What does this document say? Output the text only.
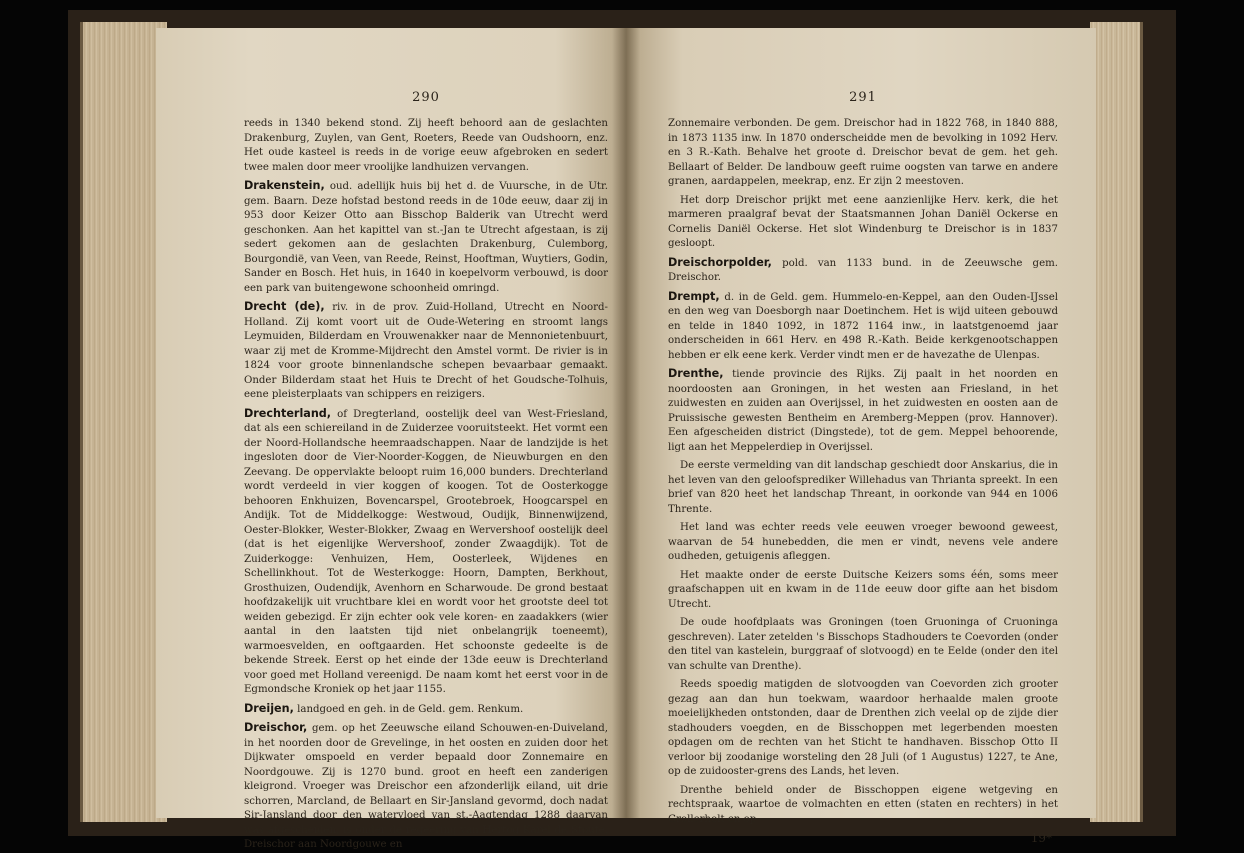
290

reeds in 1340 bekend stond. Zij heeft behoord aan de geslachten Drakenburg, Zuylen, van Gent, Roeters, Reede van Oudshoorn, enz. Het oude kasteel is reeds in de vorige eeuw afgebroken en sedert twee malen door meer vroolijke landhuizen vervangen.

Drakenstein, oud. adellijk huis bij het d. de Vuursche, in de Utr. gem. Baarn. Deze hofstad bestond reeds in de 10de eeuw, daar zij in 953 door Keizer Otto aan Bisschop Balderik van Utrecht werd geschonken. Aan het kapittel van st.-Jan te Utrecht afgestaan, is zij sedert gekomen aan de geslachten Drakenburg, Culemborg, Bourgondië, van Veen, van Reede, Reinst, Hooftman, Wuytiers, Godin, Sander en Bosch. Het huis, in 1640 in koepelvorm verbouwd, is door een park van buitengewone schoonheid omringd.

Drecht (de), riv. in de prov. Zuid-Holland, Utrecht en Noord-Holland. Zij komt voort uit de Oude-Wetering en stroomt langs Leymuiden, Bilderdam en Vrouwenakker naar de Mennonietenbuurt, waar zij met de Kromme-Mijdrecht den Amstel vormt. De rivier is in 1824 voor groote binnenlandsche schepen bevaarbaar gemaakt. Onder Bilderdam staat het Huis te Drecht of het Goudsche-Tolhuis, eene pleisterplaats van schippers en reizigers.

Drechterland, of Dregterland, oostelijk deel van West-Friesland, dat als een schiereiland in de Zuiderzee vooruitsteekt. Het vormt een der Noord-Hollandsche heemraadschappen. Naar de landzijde is het ingesloten door de Vier-Noorder-Koggen, de Nieuwburgen en den Zeevang. De oppervlakte beloopt ruim 16,000 bunders. Drechterland wordt verdeeld in vier koggen of koogen. Tot de Oosterkogge behooren Enkhuizen, Bovencarspel, Grootebroek, Hoogcarspel en Andijk. Tot de Middelkogge: Westwoud, Oudijk, Binnenwijzend, Oester-Blokker, Wester-Blokker, Zwaag en Wervershoof oostelijk deel (dat is het eigenlijke Wervershoof, zonder Zwaagdijk). Tot de Zuiderkogge: Venhuizen, Hem, Oosterleek, Wijdenes en Schellinkhout. Tot de Westerkogge: Hoorn, Dampten, Berkhout, Grosthuizen, Oudendijk, Avenhorn en Scharwoude. De grond bestaat hoofdzakelijk uit vruchtbare klei en wordt voor het grootste deel tot weiden gebezigd. Er zijn echter ook vele koren- en zaadakkers (wier aantal in den laatsten tijd niet onbelangrijk toeneemt), warmoesvelden, en ooftgaarden. Het schoonste gedeelte is de bekende Streek. Eerst op het einde der 13de eeuw is Drechterland voor goed met Holland vereenigd. De naam komt het eerst voor in de Egmondsche Kroniek op het jaar 1155.

Dreijen, landgoed en geh. in de Geld. gem. Renkum.

Dreischor, gem. op het Zeeuwsche eiland Schouwen-en-Duiveland, in het noorden door de Grevelinge, in het oosten en zuiden door het Dijkwater omspoeld en verder bepaald door Zonnemaire en Noordgouwe. Zij is 1270 bund. groot en heeft een zanderigen kleigrond. Vroeger was Dreischor een afzonderlijk eiland, uit drie schorren, Marcland, de Bellaart en Sir-Jansland gevormd, doch nadat Sir-Jansland door den watervloed van st.-Aagtendag 1288 daarvan was afgescheiden, is onder de regeering van Hertog Karel de Stoute, Dreischor aan Noordgouwe en

291

Zonnemaire verbonden. De gem. Dreischor had in 1822 768, in 1840 888, in 1873 1135 inw. In 1870 onderscheidde men de bevolking in 1092 Herv. en 3 R.-Kath. Behalve het groote d. Dreischor bevat de gem. het geh. Bellaart of Belder. De landbouw geeft ruime oogsten van tarwe en andere granen, aardappelen, meekrap, enz. Er zijn 2 meestoven.

Het dorp Dreischor prijkt met eene aanzienlijke Herv. kerk, die het marmeren praalgraf bevat der Staatsmannen Johan Daniël Ockerse en Cornelis Daniël Ockerse. Het slot Windenburg te Dreischor is in 1837 gesloopt.

Dreischorpolder, pold. van 1133 bund. in de Zeeuwsche gem. Dreischor.

Drempt, d. in de Geld. gem. Hummelo-en-Keppel, aan den Ouden-IJssel en den weg van Doesborgh naar Doetinchem. Het is wijd uiteen gebouwd en telde in 1840 1092, in 1872 1164 inw., in laatstgenoemd jaar onderscheiden in 661 Herv. en 498 R.-Kath. Beide kerkgenootschappen hebben er elk eene kerk. Verder vindt men er de havezathe de Ulenpas.

Drenthe, tiende provincie des Rijks. Zij paalt in het noorden en noordoosten aan Groningen, in het westen aan Friesland, in het zuidwesten en zuiden aan Overijssel, in het zuidwesten en oosten aan de Pruissische gewesten Bentheim en Aremberg-Meppen (prov. Hannover). Een afgescheiden district (Dingstede), tot de gem. Meppel behoorende, ligt aan het Meppelerdiep in Overijssel.

De eerste vermelding van dit landschap geschiedt door Anskarius, die in het leven van den geloofsprediker Willehadus van Thrianta spreekt. In een brief van 820 heet het landschap Threant, in oorkonde van 944 en 1006 Thrente.

Het land was echter reeds vele eeuwen vroeger bewoond geweest, waarvan de 54 hunebedden, die men er vindt, nevens vele andere oudheden, getuigenis afleggen.

Het maakte onder de eerste Duitsche Keizers soms één, soms meer graafschappen uit en kwam in de 11de eeuw door gifte aan het bisdom Utrecht.

De oude hoofdplaats was Groningen (toen Gruoninga of Cruoninga geschreven). Later zetelden 's Bisschops Stadhouders te Coevorden (onder den titel van kastelein, burggraaf of slotvoogd) en te Eelde (onder den itel van schulte van Drenthe).

Reeds spoedig matigden de slotvoogden van Coevorden zich grooter gezag aan dan hun toekwam, waardoor herhaalde malen groote moeielijkheden ontstonden, daar de Drenthen zich veelal op de zijde dier stadhouders voegden, en de Bisschoppen met legerbenden moesten opdagen om de rechten van het Sticht te handhaven. Bisschop Otto II verloor bij zoodanige worsteling den 28 Juli (of 1 Augustus) 1227, te Ane, op de zuidooster-grens des Lands, het leven.

Drenthe behield onder de Bisschoppen eigene wetgeving en rechtspraak, waartoe de volmachten en etten (staten en rechters) in het Grollerholt en op

19*
